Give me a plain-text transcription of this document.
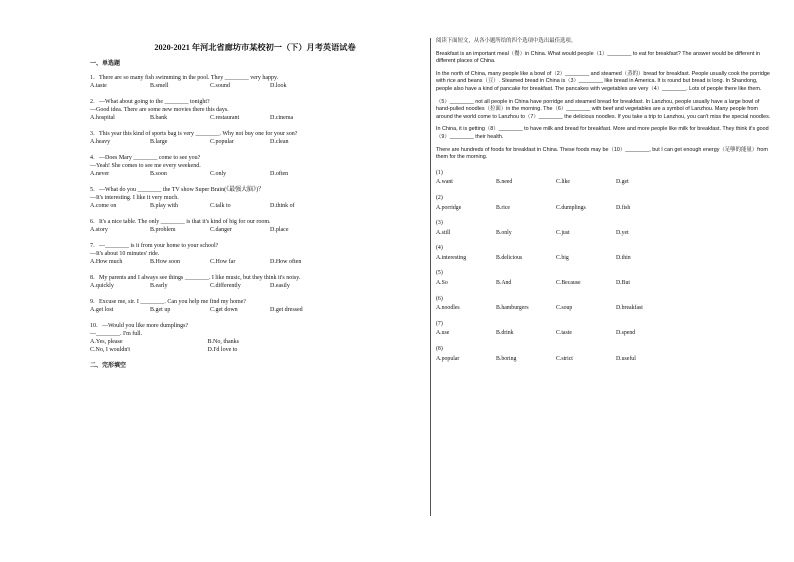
2020-2021 年河北省廊坊市某校初一（下）月考英语试卷
一、单选题
1．There are so many fish swimming in the pool. They ________ very happy.
A.taste	B.smell	C.sound	D.look
2．—What about going to the ________ tonight?
—Good idea. There are some new movies there this days.
A.hospital	B.bank	C.restaurant	D.cinema
3．This year this kind of sports bag is very ________. Why not buy one for your son?
A.heavy	B.large	C.popular	D.clean
4．—Does Mary ________ come to see you?
—Yeah! She comes to see me every weekend.
A.never	B.soon	C.only	D.often
5．—What do you ________ the TV show Super Brain(《最强大脑》)？
—It's interesting. I like it very much.
A.come on	B.play with	C.talk to	D.think of
6．It's a nice table. The only ________ is that it's kind of big for our room.
A.story	B.problem	C.danger	D.place
7．—________ is it from your home to your school?
—It's about 10 minutes' ride.
A.How much	B.How soon	C.How far	D.How often
8．My parents and I always see things ________. I like music, but they think it's noisy.
A.quickly	B.early	C.differently	D.easily
9．Excuse me, sir. I ________. Can you help me find my home?
A.get lost	B.get up	C.get down	D.get dressed
10．—Would you like more dumplings?
—________. I'm full.
A.Yes, please	B.No, thanks
C.No, I wouldn't	D.I'd love to
二、完形填空
阅读下面短文，从各小题所给的四个选项中选出最佳选项。
Breakfast is an important meal（餐）in China. What would people（1）________ to eat for breakfast? The answer would be different in different places of China.
In the north of China, many people like a bowl of（2）________ and steamed（蒸的）bread for breakfast. People usually cook the porridge with rice and beans（豆）. Steamed bread in China is（3）________ like bread in America. It is round but bread is long. In Shandong, people also have a kind of pancake for breakfast. The pancakes with vegetables are very（4）________. Lots of people there like them.
（5）________ not all people in China have porridge and steamed bread for breakfast. In Lanzhou, people usually have a large bowl of hand-pulled noodles（拉面）in the morning. The（6）________ with beef and vegetables are a symbol of Lanzhou. Many people from around the world come to Lanzhou to（7）________ the delicious noodles. If you take a trip to Lanzhou, you can't miss the special noodles.
In China, it is getting（8）________ to have milk and bread for breakfast. More and more people like milk for breakfast. They think it's good（9）________ their health.
There are hundreds of foods for breakfast in China. These foods may be（10）________, but I can get enough energy（足够的能量）from them for the morning.
(1)
A.want	B.need	C.like	D.get
(2)
A.porridge	B.rice	C.dumplings	D.fish
(3)
A.still	B.only	C.just	D.yet
(4)
A.interesting	B.delicious	C.big	D.thin
(5)
A.So	B.And	C.Because	D.But
(6)
A.noodles	B.hamburgers	C.soup	D.breakfast
(7)
A.use	B.drink	C.taste	D.spend
(8)
A.popular	B.boring	C.strict	D.useful
